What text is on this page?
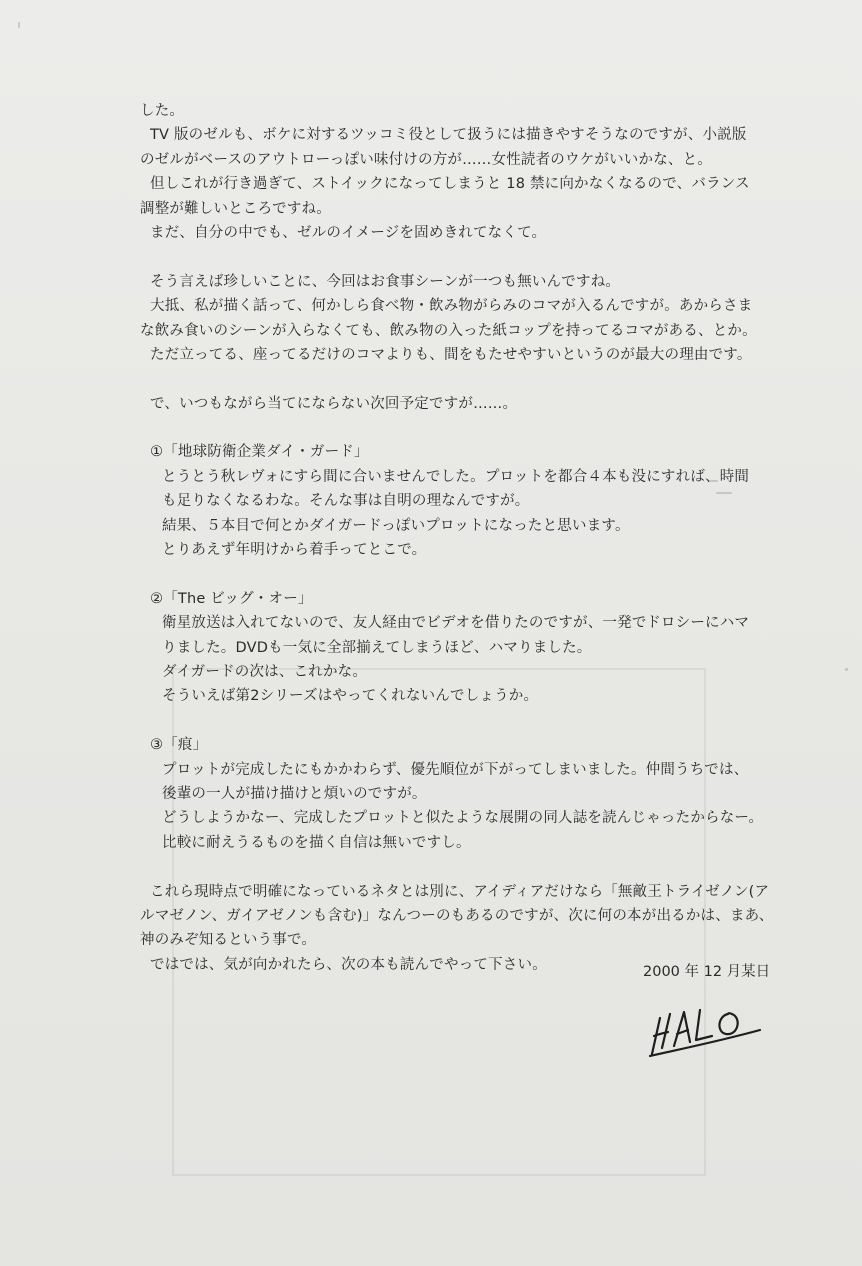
した。
TV 版のゼルも、ボケに対するツッコミ役として扱うには描きやすそうなのですが、小説版
のゼルがベースのアウトローっぽい味付けの方が……女性読者のウケがいいかな、と。
但しこれが行き過ぎて、ストイックになってしまうと 18 禁に向かなくなるので、バランス
調整が難しいところですね。
まだ、自分の中でも、ゼルのイメージを固めきれてなくて。
そう言えば珍しいことに、今回はお食事シーンが一つも無いんですね。
大抵、私が描く話って、何かしら食べ物・飲み物がらみのコマが入るんですが。あからさま
な飲み食いのシーンが入らなくても、飲み物の入った紙コップを持ってるコマがある、とか。
ただ立ってる、座ってるだけのコマよりも、間をもたせやすいというのが最大の理由です。
で、いつもながら当てにならない次回予定ですが……。
①「地球防衛企業ダイ・ガード」
とうとう秋レヴォにすら間に合いませんでした。プロットを都合４本も没にすれば、時間
も足りなくなるわな。そんな事は自明の理なんですが。
結果、５本目で何とかダイガードっぽいプロットになったと思います。
とりあえず年明けから着手ってとこで。
②「The ビッグ・オー」
衛星放送は入れてないので、友人経由でビデオを借りたのですが、一発でドロシーにハマ
りました。DVDも一気に全部揃えてしまうほど、ハマりました。
ダイガードの次は、これかな。
そういえば第2シリーズはやってくれないんでしょうか。
③「痕」
プロットが完成したにもかかわらず、優先順位が下がってしまいました。仲間うちでは、
後輩の一人が描け描けと煩いのですが。
どうしようかなー、完成したプロットと似たような展開の同人誌を読んじゃったからなー。
比較に耐えうるものを描く自信は無いですし。
これら現時点で明確になっているネタとは別に、アイディアだけなら「無敵王トライゼノン(ア
ルマゼノン、ガイアゼノンも含む)」なんつーのもあるのですが、次に何の本が出るかは、まあ、
神のみぞ知るという事で。
ではでは、気が向かれたら、次の本も読んでやって下さい。	2000 年 12 月某日
